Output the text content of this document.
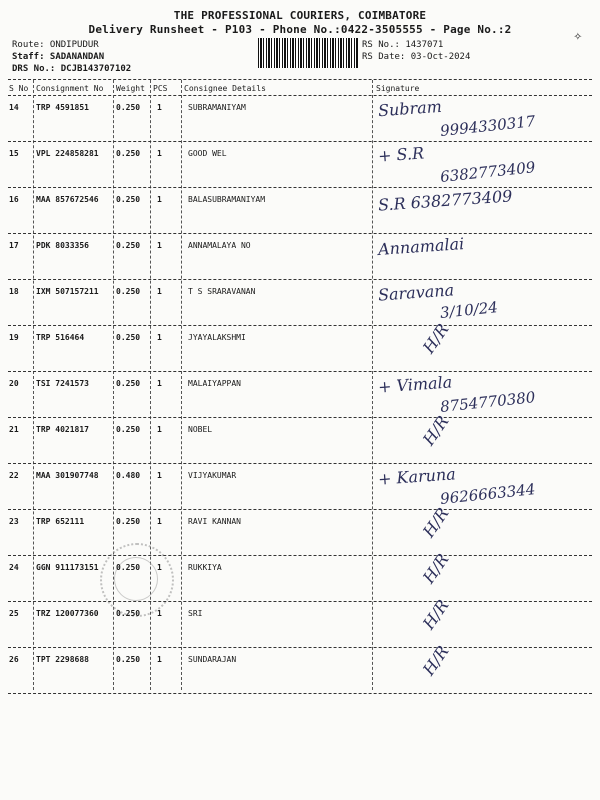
✧
THE PROFESSIONAL COURIERS, COIMBATORE
Delivery Runsheet - P103 - Phone No.:0422-3505555 - Page No.:2
Route: ONDIPUDUR
Staff: SADANANDAN
DRS No.: DCJB143707102
RS No.: 1437071
RS Date: 03-Oct-2024
S No Consignment No Weight PCS Consignee Details	Signature
14 TRP 4591851	0.250 1	SUBRAMANIYAM	Subram
9994330317
15 VPL 224858281 0.250 1	GOOD WEL	+ S.R
6382773409
16 MAA 857672546 0.250 1	BALASUBRAMANIYAM	S.R 6382773409
17 PDK 8033356	0.250 1	ANNAMALAYA NO	Annamalai
18 IXM 507157211 0.250 1	T S SRARAVANAN	Saravana
3/10/24
19 TRP 516464	0.250 1	JYAYALAKSHMI	H/R
20 TSI 7241573	0.250 1	MALAIYAPPAN	+ Vimala
8754770380
21 TRP 4021817	0.250 1	NOBEL	H/R
22 MAA 301907748 0.480 1	VIJYAKUMAR	+ Karuna
9626663344
23 TRP 652111	0.250 1	RAVI KANNAN	H/R
24 GGN 911173151 0.250 1	RUKKIYA	H/R
25 TRZ 120077360 0.250 1	SRI	H/R
26 TPT 2298688	0.250 1	SUNDARAJAN	H/R
